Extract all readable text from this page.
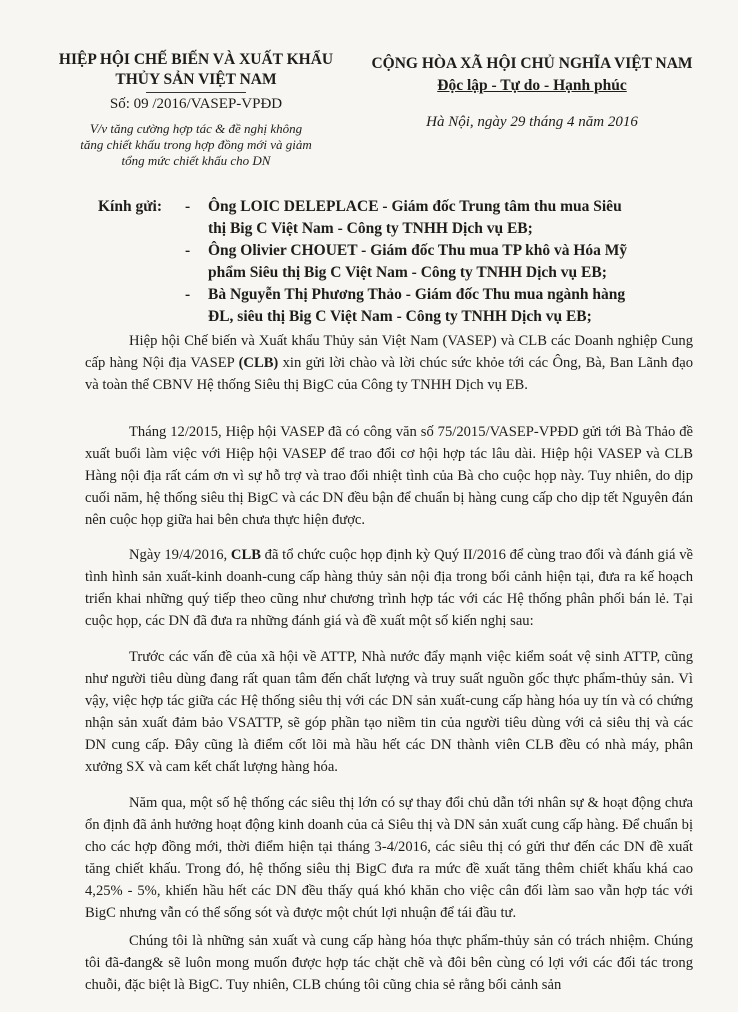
HIỆP HỘI CHẾ BIẾN VÀ XUẤT KHẨU
THỦY SẢN VIỆT NAM
Số: 09 /2016/VASEP-VPĐD
V/v tăng cường hợp tác & đề nghị không
tăng chiết khấu trong hợp đồng mới và giảm
tổng mức chiết khấu cho DN
CỘNG HÒA XÃ HỘI CHỦ NGHĨA VIỆT NAM
Độc lập - Tự do - Hạnh phúc
Hà Nội, ngày 29 tháng 4 năm 2016
Kính gửi: -	Ông LOIC DELEPLACE - Giám đốc Trung tâm thu mua Siêu
thị Big C Việt Nam - Công ty TNHH Dịch vụ EB;
-	Ông Olivier CHOUET - Giám đốc Thu mua TP khô và Hóa Mỹ
phẩm Siêu thị Big C Việt Nam - Công ty TNHH Dịch vụ EB;
-	Bà Nguyễn Thị Phương Thảo - Giám đốc Thu mua ngành hàng
ĐL, siêu thị Big C Việt Nam - Công ty TNHH Dịch vụ EB;
Hiệp hội Chế biến và Xuất khẩu Thủy sản Việt Nam (VASEP) và CLB các Doanh nghiệp Cung cấp hàng Nội địa VASEP (CLB) xin gửi lời chào và lời chúc sức khỏe tới các Ông, Bà, Ban Lãnh đạo và toàn thể CBNV Hệ thống Siêu thị BigC của Công ty TNHH Dịch vụ EB.
Tháng 12/2015, Hiệp hội VASEP đã có công văn số 75/2015/VASEP-VPĐD gửi tới Bà Thảo đề xuất buổi làm việc với Hiệp hội VASEP để trao đổi cơ hội hợp tác lâu dài. Hiệp hội VASEP và CLB Hàng nội địa rất cám ơn vì sự hỗ trợ và trao đổi nhiệt tình của Bà cho cuộc họp này. Tuy nhiên, do dịp cuối năm, hệ thống siêu thị BigC và các DN đều bận để chuẩn bị hàng cung cấp cho dịp tết Nguyên đán nên cuộc họp giữa hai bên chưa thực hiện được.
Ngày 19/4/2016, CLB đã tổ chức cuộc họp định kỳ Quý II/2016 để cùng trao đổi và đánh giá về tình hình sản xuất-kinh doanh-cung cấp hàng thủy sản nội địa trong bối cảnh hiện tại, đưa ra kế hoạch triển khai những quý tiếp theo cũng như chương trình hợp tác với các Hệ thống phân phối bán lẻ. Tại cuộc họp, các DN đã đưa ra những đánh giá và đề xuất một số kiến nghị sau:
Trước các vấn đề của xã hội về ATTP, Nhà nước đẩy mạnh việc kiểm soát vệ sinh ATTP, cũng như người tiêu dùng đang rất quan tâm đến chất lượng và truy suất nguồn gốc thực phẩm-thủy sản. Vì vậy, việc hợp tác giữa các Hệ thống siêu thị với các DN sản xuất-cung cấp hàng hóa uy tín và có chứng nhận sản xuất đảm bảo VSATTP, sẽ góp phần tạo niềm tin của người tiêu dùng với cả siêu thị và các DN cung cấp. Đây cũng là điểm cốt lõi mà hầu hết các DN thành viên CLB đều có nhà máy, phân xưởng SX và cam kết chất lượng hàng hóa.
Năm qua, một số hệ thống các siêu thị lớn có sự thay đổi chủ dẫn tới nhân sự & hoạt động chưa ổn định đã ảnh hưởng hoạt động kinh doanh của cả Siêu thị và DN sản xuất cung cấp hàng. Để chuẩn bị cho các hợp đồng mới, thời điểm hiện tại tháng 3-4/2016, các siêu thị có gửi thư đến các DN đề xuất tăng chiết khấu. Trong đó, hệ thống siêu thị BigC đưa ra mức đề xuất tăng thêm chiết khấu khá cao 4,25% - 5%, khiến hầu hết các DN đều thấy quá khó khăn cho việc cân đối làm sao vẫn hợp tác với BigC nhưng vẫn có thể sống sót và được một chút lợi nhuận để tái đầu tư.
Chúng tôi là những sản xuất và cung cấp hàng hóa thực phẩm-thủy sản có trách nhiệm. Chúng tôi đã-đang& sẽ luôn mong muốn được hợp tác chặt chẽ và đôi bên cùng có lợi với các đối tác trong chuỗi, đặc biệt là BigC. Tuy nhiên, CLB chúng tôi cũng chia sẻ rằng bối cảnh sản
